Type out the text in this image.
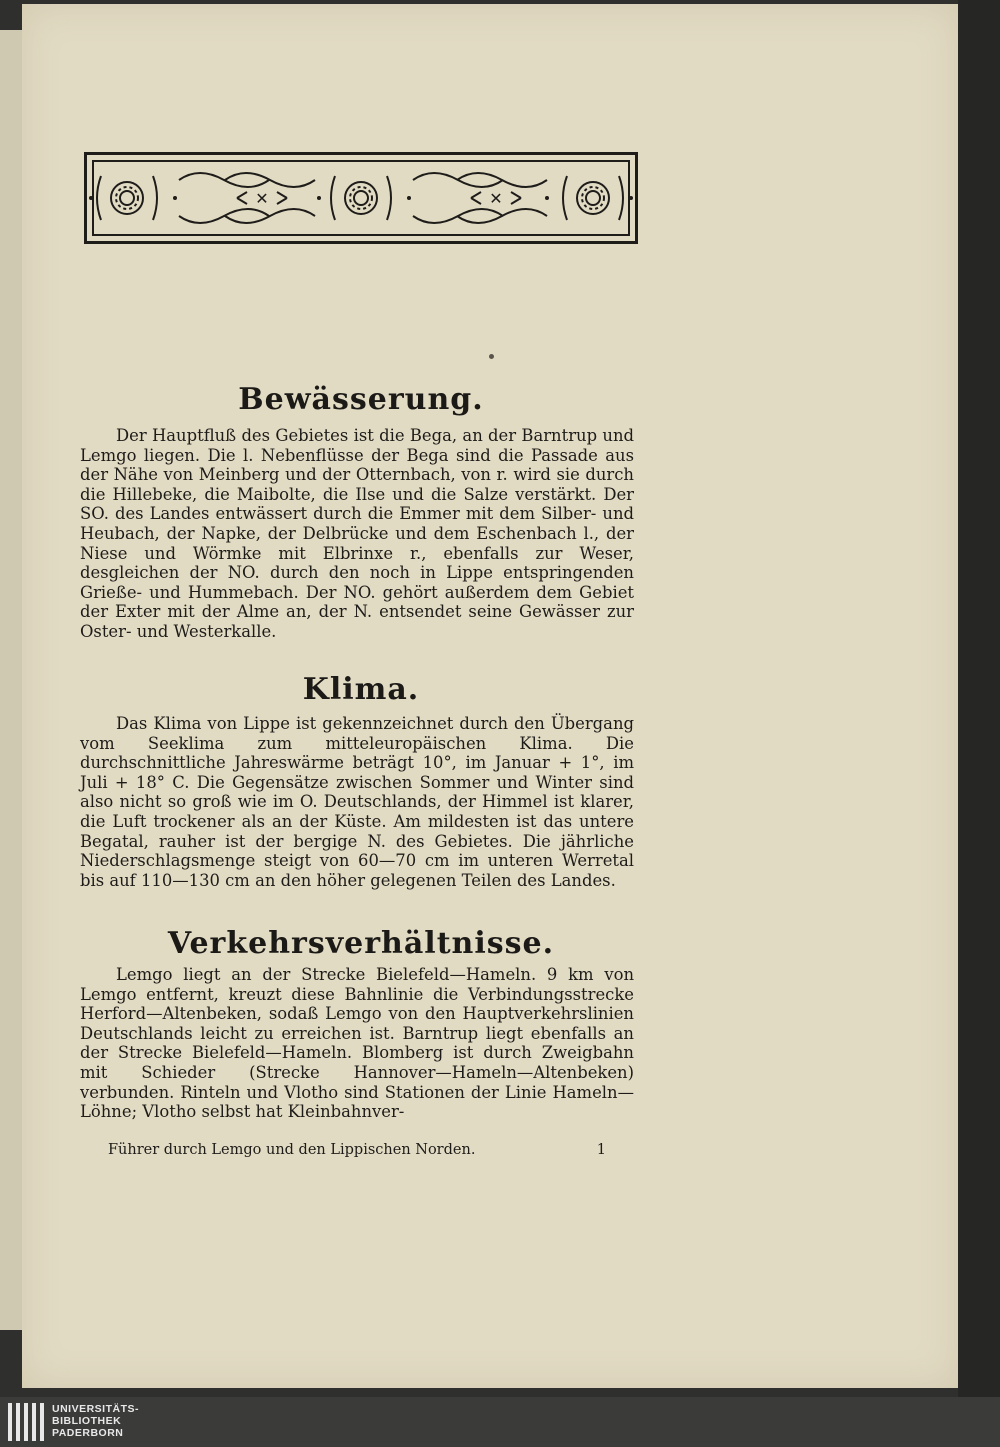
✕	✕
Bewässerung.

Der Hauptfluß des Gebietes ist die Bega, an der Barntrup und Lemgo liegen. Die l. Nebenflüsse der Bega sind die Passade aus der Nähe von Meinberg und der Otternbach, von r. wird sie durch die Hillebeke, die Maibolte, die Ilse und die Salze verstärkt. Der SO. des Landes entwässert durch die Emmer mit dem Silber- und Heubach, der Napke, der Delbrücke und dem Eschenbach l., der Niese und Wörmke mit Elbrinxe r., ebenfalls zur Weser, desgleichen der NO. durch den noch in Lippe entspringenden Grieße- und Hummebach. Der NO. gehört außerdem dem Gebiet der Exter mit der Alme an, der N. entsendet seine Gewässer zur Oster- und Westerkalle.

Klima.

Das Klima von Lippe ist gekennzeichnet durch den Übergang vom Seeklima zum mitteleuropäischen Klima. Die durchschnittliche Jahreswärme beträgt 10°, im Januar + 1°, im Juli + 18° C. Die Gegensätze zwischen Sommer und Winter sind also nicht so groß wie im O. Deutschlands, der Himmel ist klarer, die Luft trockener als an der Küste. Am mildesten ist das untere Begatal, rauher ist der bergige N. des Gebietes. Die jährliche Niederschlagsmenge steigt von 60—70 cm im unteren Werretal bis auf 110—130 cm an den höher gelegenen Teilen des Landes.

Verkehrsverhältnisse.

Lemgo liegt an der Strecke Bielefeld—Hameln. 9 km von Lemgo entfernt, kreuzt diese Bahnlinie die Verbindungsstrecke Herford—Altenbeken, sodaß Lemgo von den Hauptverkehrslinien Deutschlands leicht zu erreichen ist. Barntrup liegt ebenfalls an der Strecke Bielefeld—Hameln. Blomberg ist durch Zweigbahn mit Schieder (Strecke Hannover—Hameln—Altenbeken) verbunden. Rinteln und Vlotho sind Stationen der Linie Hameln—Löhne; Vlotho selbst hat Kleinbahnver-

Führer durch Lemgo und den Lippischen Norden.	1
UNIVERSITÄTS-
BIBLIOTHEK
PADERBORN
